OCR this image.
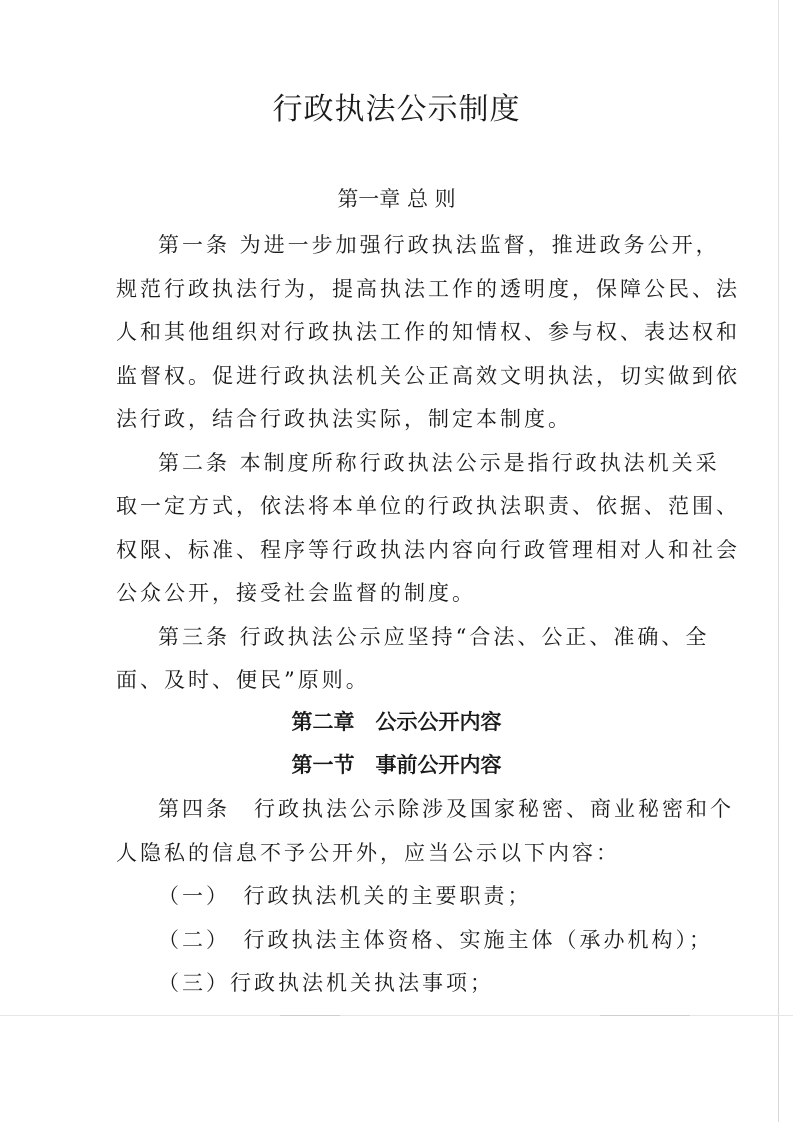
行政执法公示制度
第一章 总 则
第一条 为进一步加强行政执法监督，推进政务公开，
规范行政执法行为，提高执法工作的透明度，保障公民、法
人和其他组织对行政执法工作的知情权、参与权、表达权和
监督权。促进行政执法机关公正高效文明执法，切实做到依
法行政，结合行政执法实际，制定本制度。
第二条 本制度所称行政执法公示是指行政执法机关采
取一定方式，依法将本单位的行政执法职责、依据、范围、
权限、标准、程序等行政执法内容向行政管理相对人和社会
公众公开，接受社会监督的制度。
第三条 行政执法公示应坚持“合法、公正、准确、全
面、及时、便民”原则。
第二章　公示公开内容
第一节　事前公开内容
第四条　行政执法公示除涉及国家秘密、商业秘密和个
人隐私的信息不予公开外，应当公示以下内容：
（一）　行政执法机关的主要职责；
（二）　行政执法主体资格、实施主体（承办机构）；
（三）行政执法机关执法事项；
